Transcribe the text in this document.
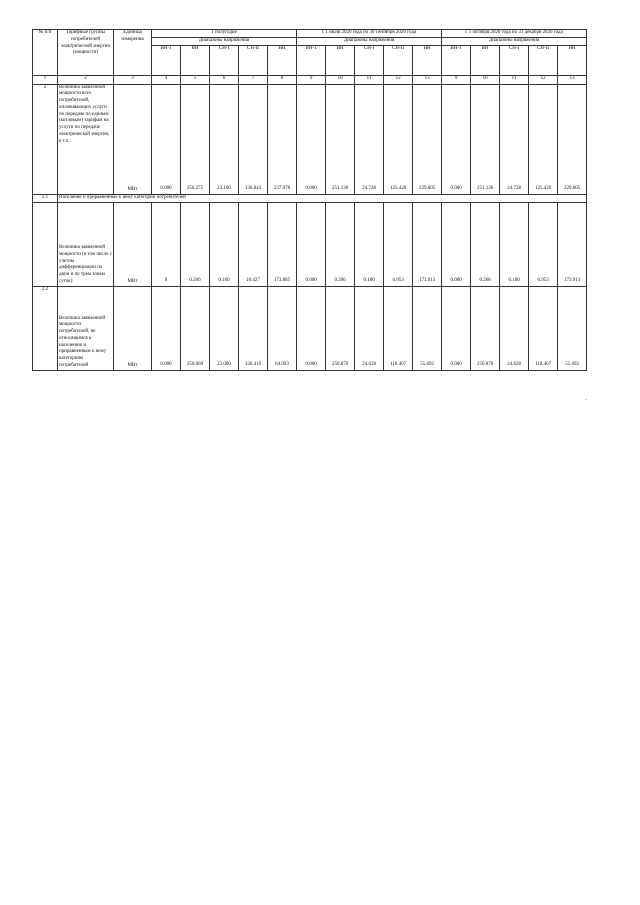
№ п/п	Тарифные группы потребителей электрической энергии (мощности)	Единица измерения	1 полугодие					с 1 июля 2020 года по 30 сентября 2020 года					с 1 октября 2020 года по 31 декабря 2020 года				
			Диапазоны напряжения					Диапазоны напряжения					Диапазоны напряжения				
			ВН-1	ВН	СН-I	СН-II	НН	ВН-1	ВН	СН-I	СН-II	НН	ВН-1	ВН	СН-I	СН-II	НН
1	2	3	4	5	6	7	8	9	10	11	12	13	9	10	11	12	13
2	Величина заявленной мощности всех потребителей, оплачивающих услуги по передаче по единым (котловым) тарифам на услуги по передаче электрической энергии, в т.ч.:	МВт	0.000	250.275	23.100	136.843	237.978	0.000	251.136	24.728	125.420	229.605	0.000	251.136	24.728	125.420	229.605
2.1	Население и приравненные к нему категории потребителей																
	Величина заявленной мощности (в том числе с учетом дифференциации по двум и по трем зонам суток)	МВт	0	0.206	0.100	10.427	173.885	0.000	0.266	0.100	6.953	173.913	0.000	0.266	0.100	6.953	173.913
2.2	Величина заявленной мощности потребителей, не относящимся к населению и приравненным к нему категориям потребителей	МВт	0.000	250.069	23.000	126.416	64.093	0.000	250.870	24.628	118.467	55.692	0.000	250.870	24.628	118.467	55.692
"
